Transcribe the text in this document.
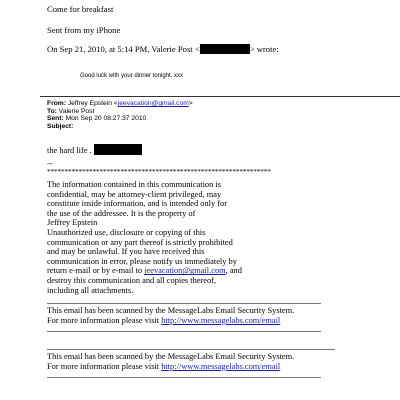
Come for breakfast
Sent from my iPhone
On Sep 21, 2010, at 5:14 PM, Valerie Post <	> wrote:
Good luck with your dinner tonight. xxx
From: Jeffrey Epstein <jeevacation@gmail.com>
To: Valerie Post
Sent: Mon Sep 20 08:27:37 2010
Subject:
the hard life .
--
****************************************************************
The information contained in this communication is
confidential, may be attorney-client privileged, may
constitute inside information, and is intended only for
the use of the addressee. It is the property of
Jeffrey Epstein
Unauthorized use, disclosure or copying of this
communication or any part thereof is strictly prohibited
and may be unlawful. If you have received this
communication in error, please notify us immediately by
return e-mail or by e-mail to jeevacation@gmail.com, and
destroy this communication and all copies thereof,
including all attachments.
This email has been scanned by the MessageLabs Email Security System.
For more information please visit http://www.messagelabs.com/email
This email has been scanned by the MessageLabs Email Security System.
For more information please visit http://www.messagelabs.com/email
